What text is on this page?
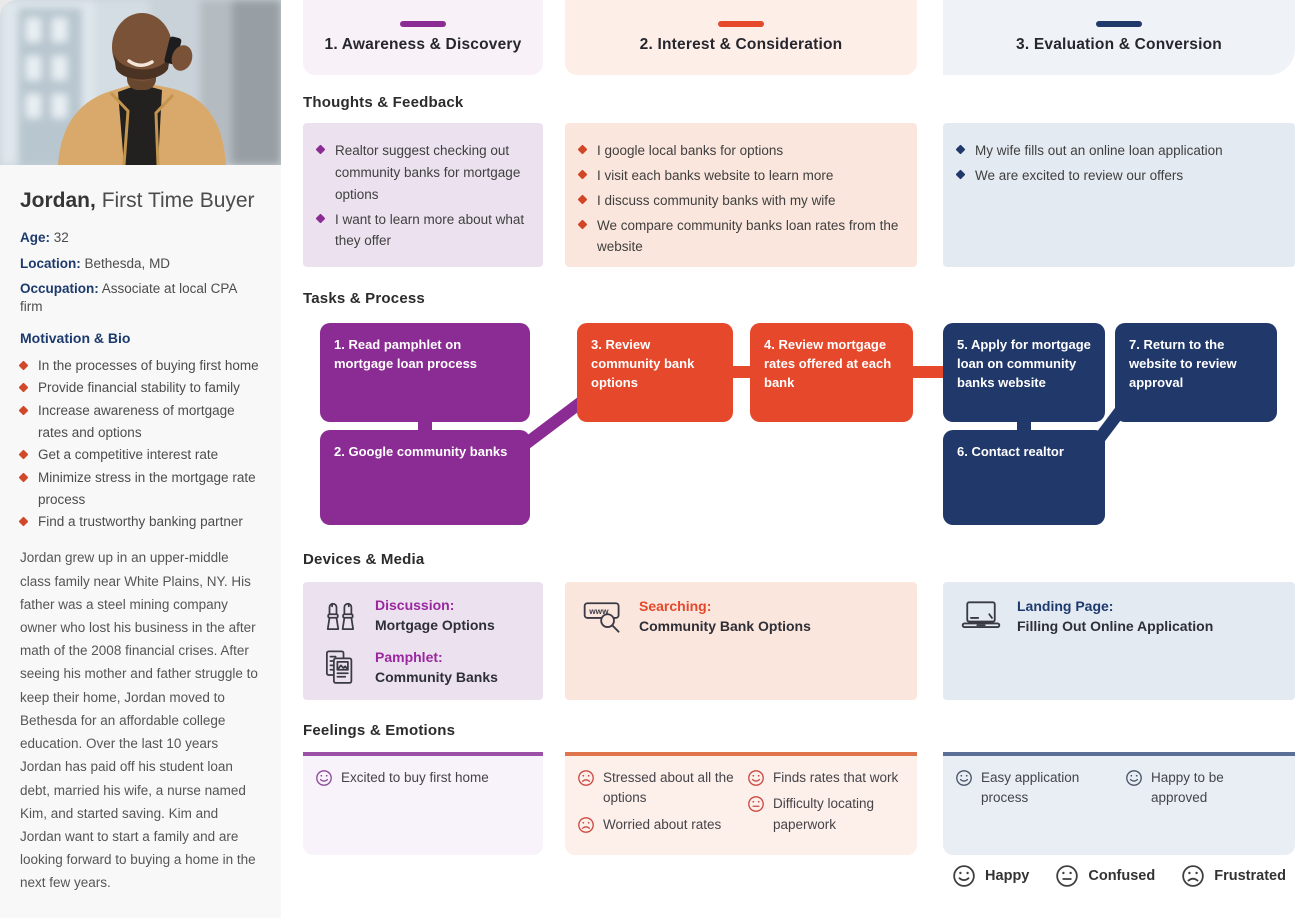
Jordan, First Time Buyer
Age: 32
Location: Bethesda, MD
Occupation: Associate at local CPA firm
Motivation & Bio
In the processes of buying first home
Provide financial stability to family
Increase awareness of mortgage rates and options
Get a competitive interest rate
Minimize stress in the mortgage rate process
Find a trustworthy banking partner
Jordan grew up in an upper-middle class family near White Plains, NY. His father was a steel mining company owner who lost his business in the after math of the 2008 financial crises. After seeing his mother and father struggle to keep their home, Jordan moved to Bethesda for an affordable college education. Over the last 10 years Jordan has paid off his student loan debt, married his wife, a nurse named Kim, and started saving. Kim and Jordan want to start a family and are looking forward to buying a home in the next few years.
1. Awareness & Discovery	2. Interest & Consideration	3. Evaluation & Conversion
Thoughts & Feedback
Realtor suggest checking out community banks for mortgage options
I want to learn more about what they offer
I google local banks for options
I visit each banks website to learn more
I discuss community banks with my wife
We compare community banks loan rates from the website
My wife fills out an online loan application
We are excited to review our offers
Tasks & Process
1. Read pamphlet on mortgage loan process
2. Google community banks
3. Review community bank options
4. Review mortgage rates offered at each bank
5. Apply for mortgage loan on community banks website
6. Contact realtor
7. Return to the website to review approval
Devices & Media
Discussion:
Mortgage Options
Pamphlet:
Community Banks
www Searching:
Community Bank Options
Landing Page:
Filling Out Online Application
Feelings & Emotions
Excited to buy first home	Stressed about all the options
Worried about rates
Finds rates that work
Difficulty locating paperwork
Easy application process
Happy to be approved
Happy	Confused	Frustrated
